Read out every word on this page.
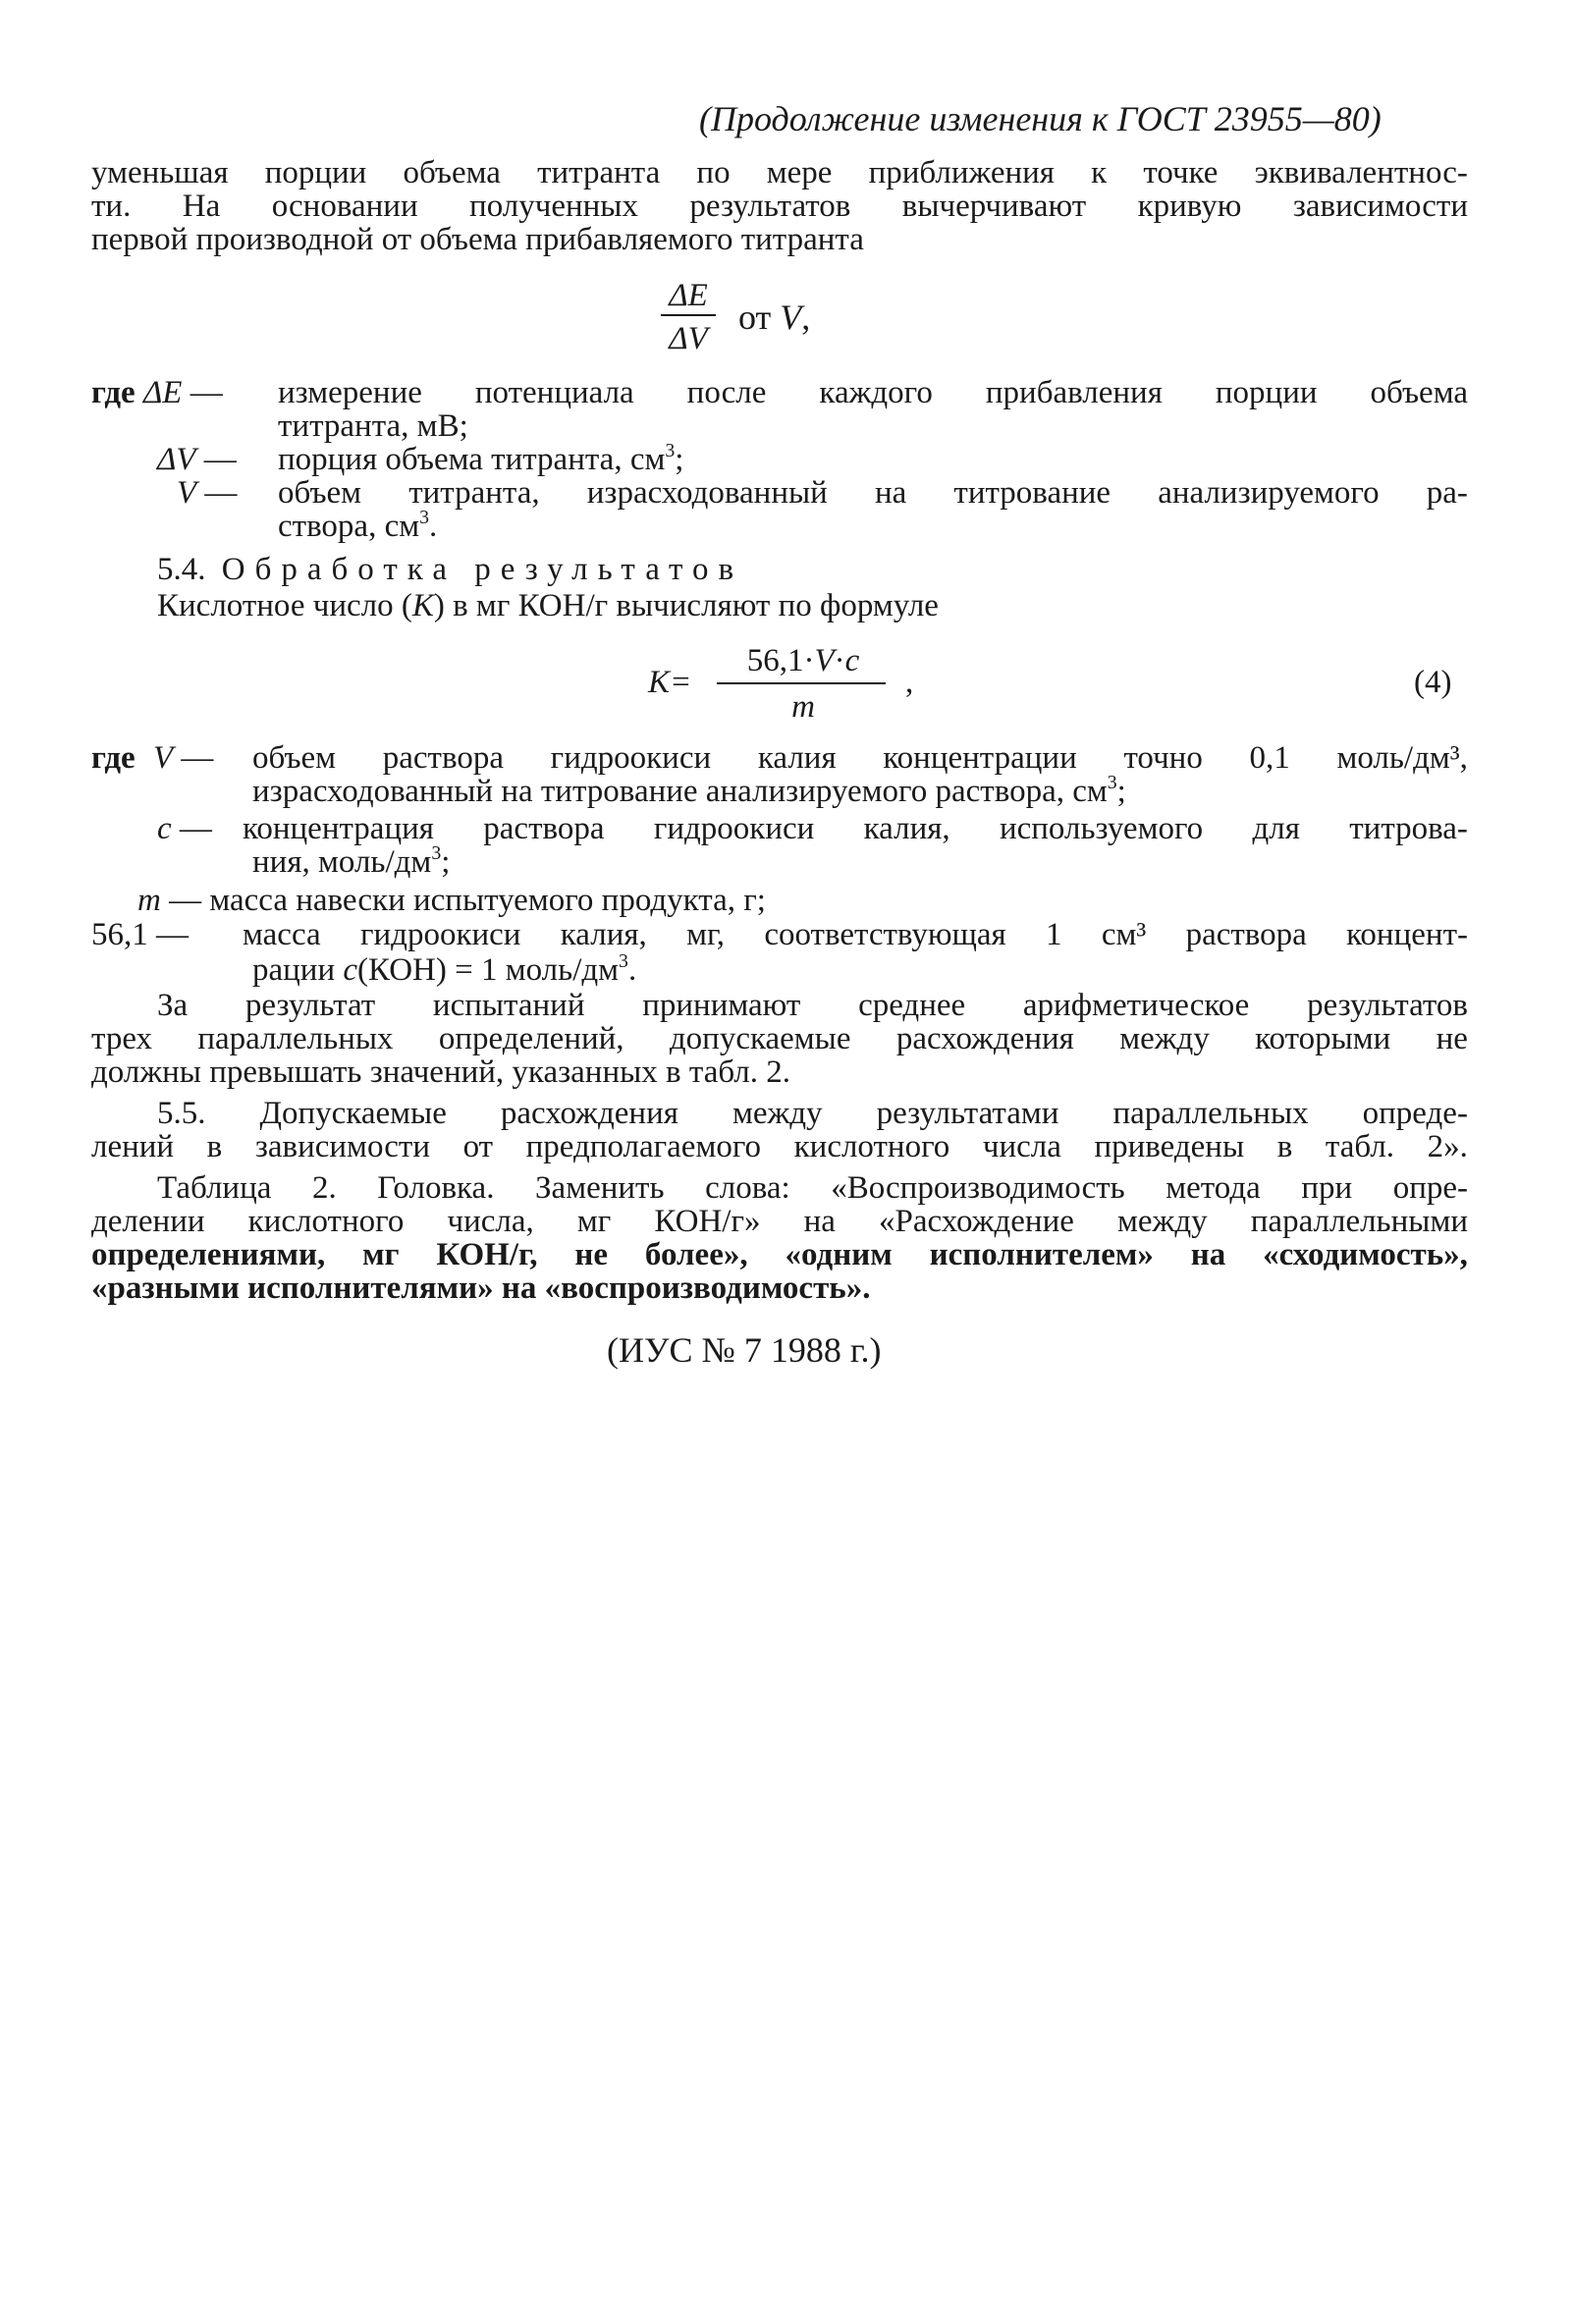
(Продолжение изменения к ГОСТ 23955—80)
уменьшая порции объема титранта по мере приближения к точке эквивалентнос-
ти. На основании полученных результатов вычерчивают кривую зависимости
первой производной от объема прибавляемого титранта
ΔE
ΔV
от V,
где ΔE — измерение потенциала после каждого прибавления порции объема
титранта, мВ;
ΔV — порция объема титранта, $см^3$;
V — объем титранта, израсходованный на титрование анализируемого ра-
створа, $см^3$.
5.4. Обработка результатов
Кислотное число (K) в мг КОН/г вычисляют по формуле
K=
56,1·V·c
m
,	(4)
где V — объем раствора гидроокиси калия концентрации точно 0,1 моль/дм³,
израсходованный на титрование анализируемого раствора, $см^3$;
c — концентрация раствора гидроокиси калия, используемого для титрова-
ния, моль/$дм^3$;
m — масса навески испытуемого продукта, г;
56,1 — масса гидроокиси калия, мг, соответствующая 1 см³ раствора концент-
рации c(КОН) = 1 моль/$дм^3$.
За результат испытаний принимают среднее арифметическое результатов
трех параллельных определений, допускаемые расхождения между которыми не
должны превышать значений, указанных в табл. 2.
5.5. Допускаемые расхождения между результатами параллельных опреде-
лений в зависимости от предполагаемого кислотного числа приведены в табл. 2».
Таблица 2. Головка. Заменить слова: «Воспроизводимость метода при опре-
делении кислотного числа, мг КОН/г» на «Расхождение между параллельными
определениями, мг КОН/г, не более», «одним исполнителем» на «сходимость»,
«разными исполнителями» на «воспроизводимость».
(ИУС № 7 1988 г.)
